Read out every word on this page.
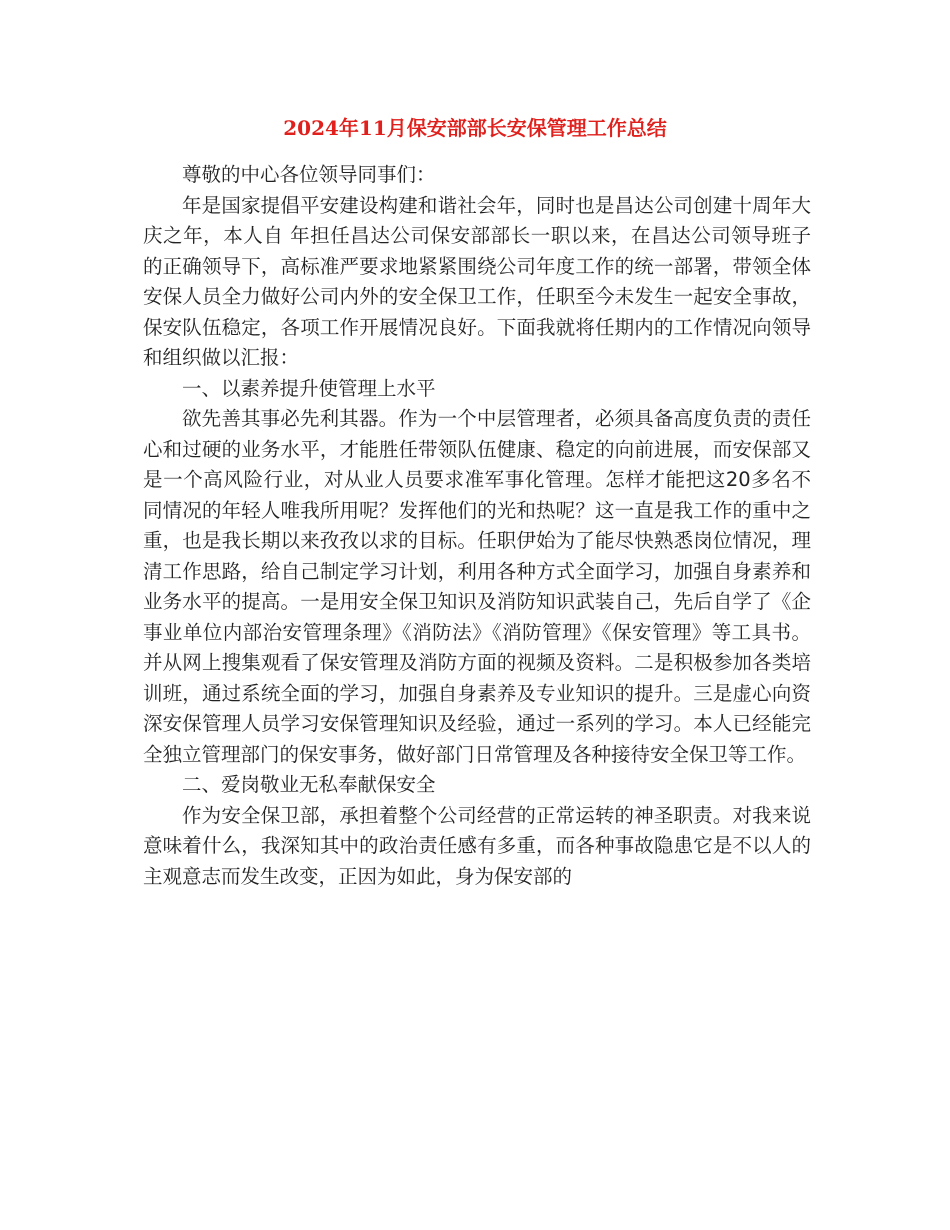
2024年11月保安部部长安保管理工作总结

尊敬的中心各位领导同事们：

年是国家提倡平安建设构建和谐社会年，同时也是昌达公司创建十周年大庆之年，本人自 年担任昌达公司保安部部长一职以来，在昌达公司领导班子的正确领导下，高标准严要求地紧紧围绕公司年度工作的统一部署，带领全体安保人员全力做好公司内外的安全保卫工作，任职至今未发生一起安全事故，保安队伍稳定，各项工作开展情况良好。下面我就将任期内的工作情况向领导和组织做以汇报：

一、以素养提升使管理上水平

欲先善其事必先利其器。作为一个中层管理者，必须具备高度负责的责任心和过硬的业务水平，才能胜任带领队伍健康、稳定的向前进展，而安保部又是一个高风险行业，对从业人员要求准军事化管理。怎样才能把这20多名不同情况的年轻人唯我所用呢？发挥他们的光和热呢？这一直是我工作的重中之重，也是我长期以来孜孜以求的目标。任职伊始为了能尽快熟悉岗位情况，理清工作思路，给自己制定学习计划，利用各种方式全面学习，加强自身素养和业务水平的提高。一是用安全保卫知识及消防知识武装自己，先后自学了《企事业单位内部治安管理条理》《消防法》《消防管理》《保安管理》等工具书。并从网上搜集观看了保安管理及消防方面的视频及资料。二是积极参加各类培训班，通过系统全面的学习，加强自身素养及专业知识的提升。三是虚心向资深安保管理人员学习安保管理知识及经验，通过一系列的学习。本人已经能完全独立管理部门的保安事务，做好部门日常管理及各种接待安全保卫等工作。

二、爱岗敬业无私奉献保安全

作为安全保卫部，承担着整个公司经营的正常运转的神圣职责。对我来说意味着什么，我深知其中的政治责任感有多重，而各种事故隐患它是不以人的主观意志而发生改变，正因为如此，身为保安部的
